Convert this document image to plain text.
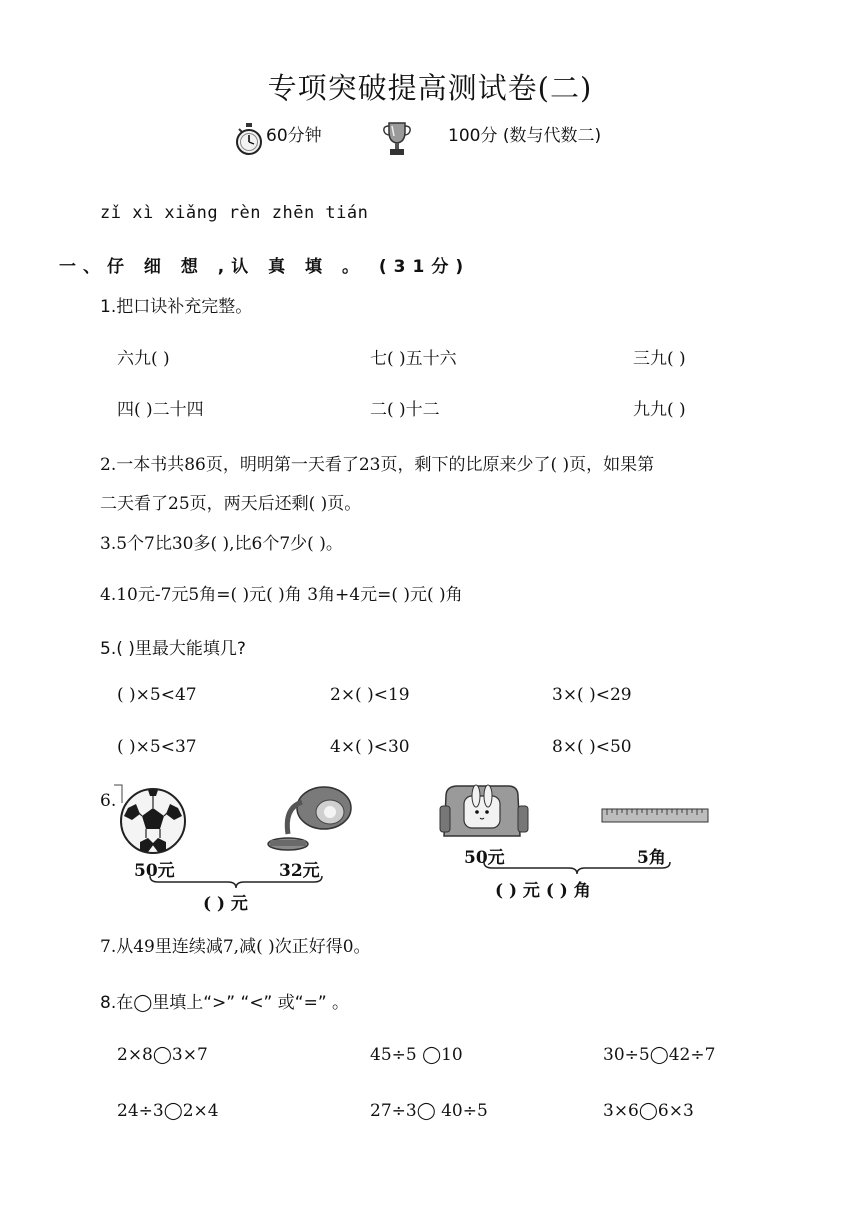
专项突破提高测试卷(二)
60分钟	100分 (数与代数二)
zǐ xì xiǎng rèn zhēn tián
一、仔 细 想 ,认 真 填 。 (31分)
1.把口诀补充完整。
六九( )	七( )五十六	三九( )
四( )二十四	二( )十二	九九( )
2.一本书共86页，明明第一天看了23页，剩下的比原来少了( )页，如果第
二天看了25页，两天后还剩( )页。
3.5个7比30多( ),比6个7少( )。
4.10元-7元5角=( )元( )角 3角+4元=( )元( )角
5.( )里最大能填几?
( )×5<47	2×( )<19	3×( )<29
( )×5<37	4×( )<30	8×( )<50
6.
50元	32元
( ) 元
50元	5角
( ) 元 ( ) 角
7.从49里连续减7,减( )次正好得0。
8.在◯里填上“>” “<” 或“=” 。
2×8◯3×7	45÷5 ◯10	30÷5◯42÷7
24÷3◯2×4	27÷3◯ 40÷5	3×6◯6×3
